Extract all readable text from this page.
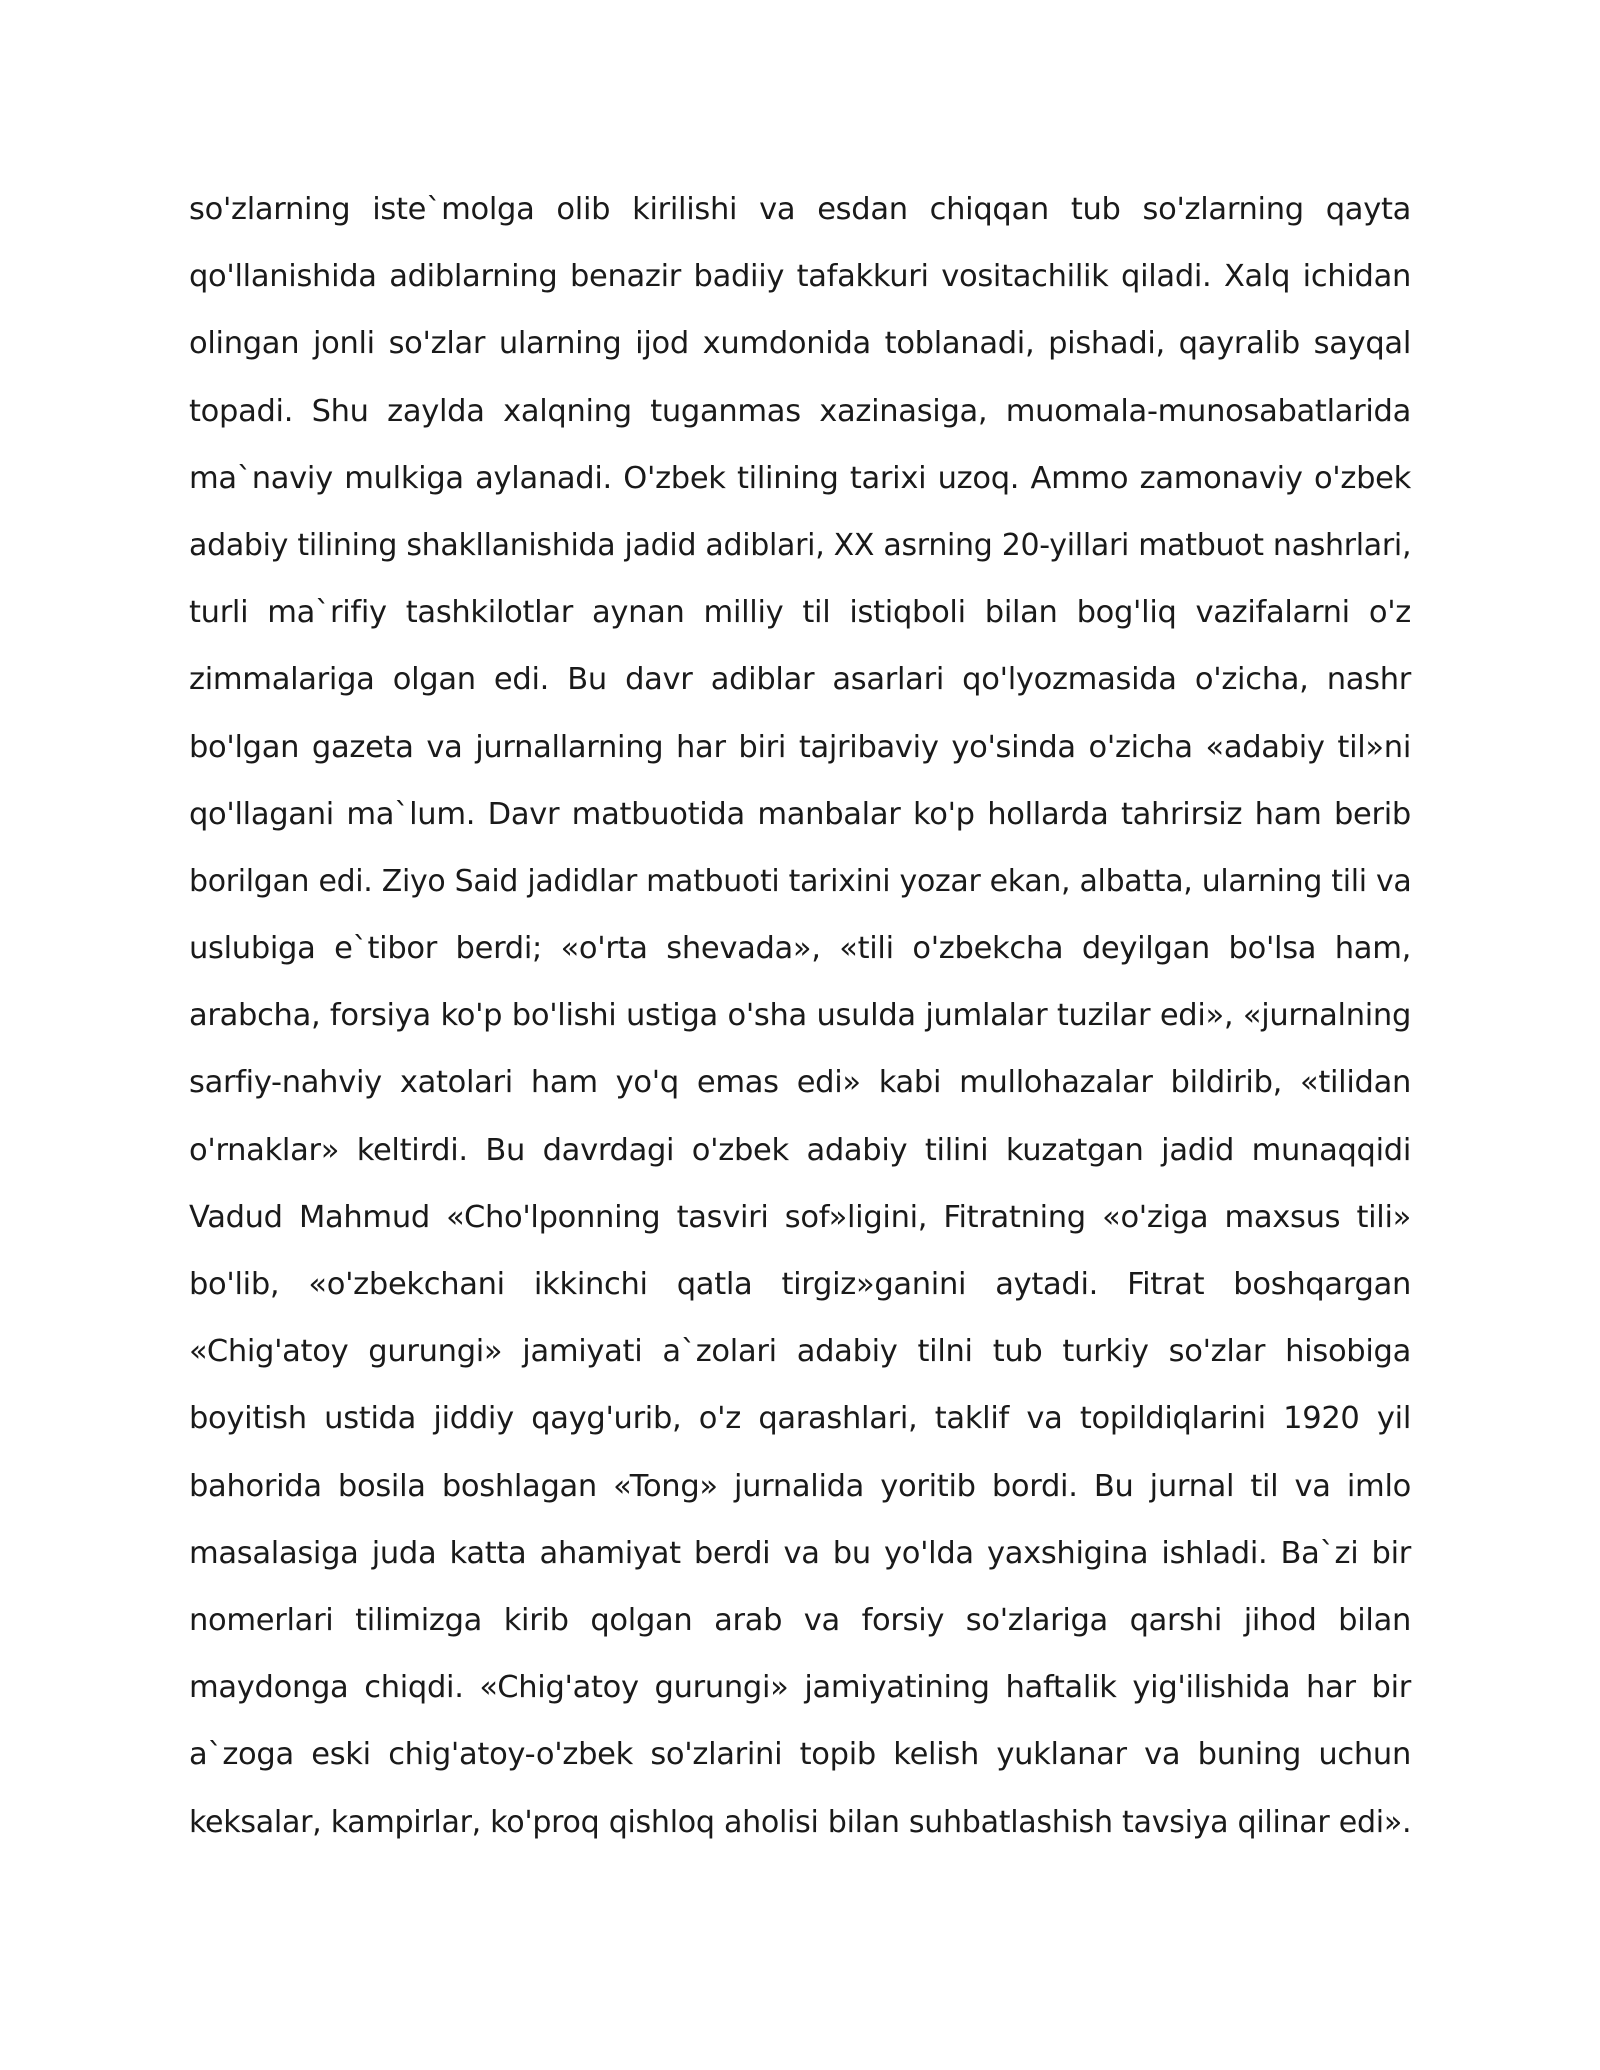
so'zlarning iste`molga olib kirilishi va esdan chiqqan tub so'zlarning qayta
qo'llanishida adiblarning benazir badiiy tafakkuri vositachilik qiladi. Xalq ichidan
olingan jonli so'zlar ularning ijod xumdonida toblanadi, pishadi, qayralib sayqal
topadi. Shu zaylda xalqning tuganmas xazinasiga, muomala-munosabatlarida
ma`naviy mulkiga aylanadi. O'zbek tilining tarixi uzoq. Ammo zamonaviy o'zbek
adabiy tilining shakllanishida jadid adiblari, XX asrning 20-yillari matbuot nashrlari,
turli ma`rifiy tashkilotlar aynan milliy til istiqboli bilan bog'liq vazifalarni o'z
zimmalariga olgan edi. Bu davr adiblar asarlari qo'lyozmasida o'zicha, nashr
bo'lgan gazeta va jurnallarning har biri tajribaviy yo'sinda o'zicha «adabiy til»ni
qo'llagani ma`lum. Davr matbuotida manbalar ko'p hollarda tahrirsiz ham berib
borilgan edi. Ziyo Said jadidlar matbuoti tarixini yozar ekan, albatta, ularning tili va
uslubiga e`tibor berdi; «o'rta shevada», «tili o'zbekcha deyilgan bo'lsa ham,
arabcha, forsiya ko'p bo'lishi ustiga o'sha usulda jumlalar tuzilar edi», «jurnalning
sarfiy-nahviy xatolari ham yo'q emas edi» kabi mullohazalar bildirib, «tilidan
o'rnaklar» keltirdi. Bu davrdagi o'zbek adabiy tilini kuzatgan jadid munaqqidi
Vadud Mahmud «Cho'lponning tasviri sof»ligini, Fitratning «o'ziga maxsus tili»
bo'lib, «o'zbekchani ikkinchi qatla tirgiz»ganini aytadi. Fitrat boshqargan
«Chig'atoy gurungi» jamiyati a`zolari adabiy tilni tub turkiy so'zlar hisobiga
boyitish ustida jiddiy qayg'urib, o'z qarashlari, taklif va topildiqlarini 1920 yil
bahorida bosila boshlagan «Tong» jurnalida yoritib bordi. Bu jurnal til va imlo
masalasiga juda katta ahamiyat berdi va bu yo'lda yaxshigina ishladi. Ba`zi bir
nomerlari tilimizga kirib qolgan arab va forsiy so'zlariga qarshi jihod bilan
maydonga chiqdi. «Chig'atoy gurungi» jamiyatining haftalik yig'ilishida har bir
a`zoga eski chig'atoy-o'zbek so'zlarini topib kelish yuklanar va buning uchun
keksalar, kampirlar, ko'proq qishloq aholisi bilan suhbatlashish tavsiya qilinar edi».
